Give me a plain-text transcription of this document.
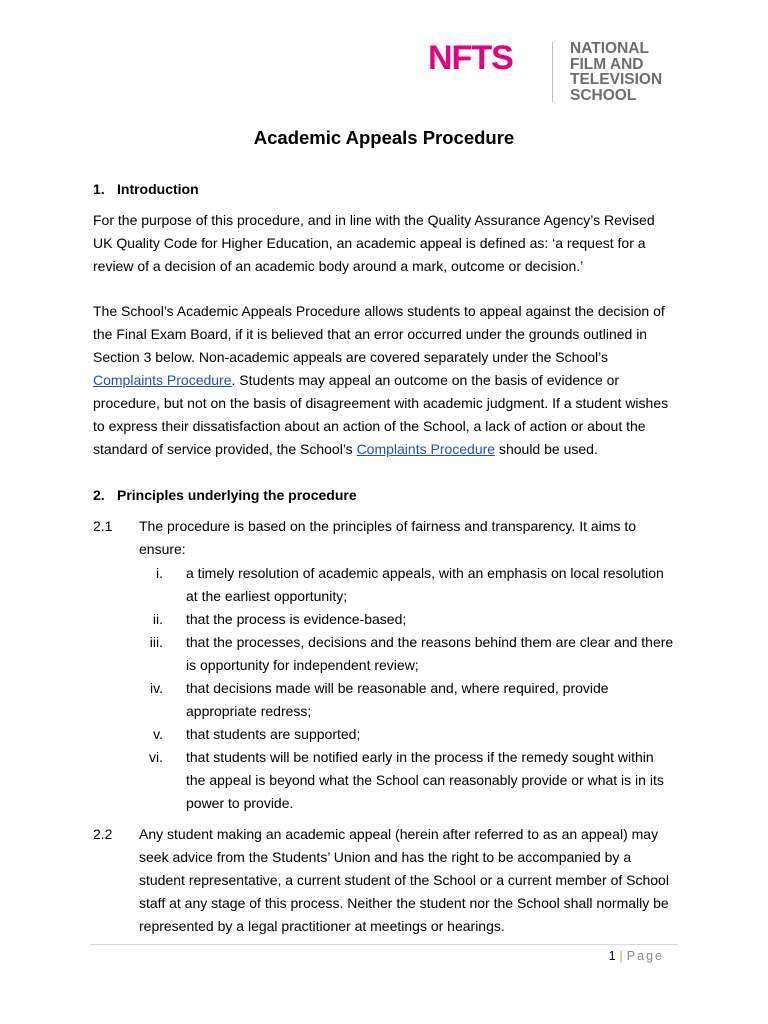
NFTS	NATIONAL
FILM AND
TELEVISION
SCHOOL
Academic Appeals Procedure
1. Introduction

For the purpose of this procedure, and in line with the Quality Assurance Agency’s Revised UK Quality Code for Higher Education, an academic appeal is defined as: ‘a request for a review of a decision of an academic body around a mark, outcome or decision.’

The School’s Academic Appeals Procedure allows students to appeal against the decision of the Final Exam Board, if it is believed that an error occurred under the grounds outlined in Section 3 below. Non-academic appeals are covered separately under the School’s Complaints Procedure. Students may appeal an outcome on the basis of evidence or procedure, but not on the basis of disagreement with academic judgment. If a student wishes to express their dissatisfaction about an action of the School, a lack of action or about the standard of service provided, the School’s Complaints Procedure should be used.

2. Principles underlying the procedure
2.1 The procedure is based on the principles of fairness and transparency. It aims to ensure:
i. a timely resolution of academic appeals, with an emphasis on local resolution at the earliest opportunity;
ii. that the process is evidence-based;
iii. that the processes, decisions and the reasons behind them are clear and there is opportunity for independent review;
iv. that decisions made will be reasonable and, where required, provide appropriate redress;
v. that students are supported;
vi. that students will be notified early in the process if the remedy sought within the appeal is beyond what the School can reasonably provide or what is in its power to provide.
2.2 Any student making an academic appeal (herein after referred to as an appeal) may seek advice from the Students’ Union and has the right to be accompanied by a student representative, a current student of the School or a current member of School staff at any stage of this process. Neither the student nor the School shall normally be represented by a legal practitioner at meetings or hearings.
1 | Page
